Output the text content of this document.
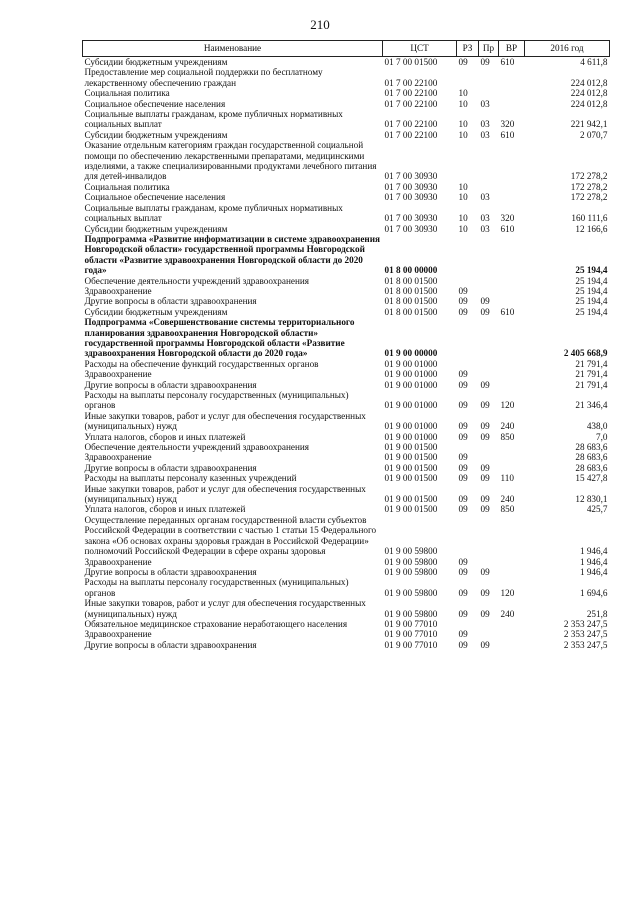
210
Наименование	ЦСТ	РЗ	Пр	ВР	2016 год
Субсидии бюджетным учреждениям	01 7 00 01500	09	09	610	4 611,8
Предоставление мер социальной поддержки по бесплатному лекарственному обеспечению граждан	01 7 00 22100				224 012,8
Социальная политика	01 7 00 22100	10			224 012,8
Социальное обеспечение населения	01 7 00 22100	10	03		224 012,8
Социальные выплаты гражданам, кроме публичных нормативных социальных выплат	01 7 00 22100	10	03	320	221 942,1
Субсидии бюджетным учреждениям	01 7 00 22100	10	03	610	2 070,7
Оказание отдельным категориям граждан государственной социальной помощи по обеспечению лекарственными препаратами, медицинскими изделиями, а также специализированными продуктами лечебного питания для детей-инвалидов	01 7 00 30930				172 278,2
Социальная политика	01 7 00 30930	10			172 278,2
Социальное обеспечение населения	01 7 00 30930	10	03		172 278,2
Социальные выплаты гражданам, кроме публичных нормативных социальных выплат	01 7 00 30930	10	03	320	160 111,6
Субсидии бюджетным учреждениям	01 7 00 30930	10	03	610	12 166,6
Подпрограмма «Развитие информатизации в системе здравоохранения Новгородской области» государственной программы Новгородской области «Развитие здравоохранения Новгородской области до 2020 года»	01 8 00 00000				25 194,4
Обеспечение деятельности учреждений здравоохранения	01 8 00 01500				25 194,4
Здравоохранение	01 8 00 01500	09			25 194,4
Другие вопросы в области здравоохранения	01 8 00 01500	09	09		25 194,4
Субсидии бюджетным учреждениям	01 8 00 01500	09	09	610	25 194,4
Подпрограмма «Совершенствование системы территориального планирования здравоохранения Новгородской области» государственной программы Новгородской области «Развитие здравоохранения Новгородской области до 2020 года»	01 9 00 00000				2 405 668,9
Расходы на обеспечение функций государственных органов	01 9 00 01000				21 791,4
Здравоохранение	01 9 00 01000	09			21 791,4
Другие вопросы в области здравоохранения	01 9 00 01000	09	09		21 791,4
Расходы на выплаты персоналу государственных (муниципальных) органов	01 9 00 01000	09	09	120	21 346,4
Иные закупки товаров, работ и услуг для обеспечения государственных (муниципальных) нужд	01 9 00 01000	09	09	240	438,0
Уплата налогов, сборов и иных платежей	01 9 00 01000	09	09	850	7,0
Обеспечение деятельности учреждений здравоохранения	01 9 00 01500				28 683,6
Здравоохранение	01 9 00 01500	09			28 683,6
Другие вопросы в области здравоохранения	01 9 00 01500	09	09		28 683,6
Расходы на выплаты персоналу казенных учреждений	01 9 00 01500	09	09	110	15 427,8
Иные закупки товаров, работ и услуг для обеспечения государственных (муниципальных) нужд	01 9 00 01500	09	09	240	12 830,1
Уплата налогов, сборов и иных платежей	01 9 00 01500	09	09	850	425,7
Осуществление переданных органам государственной власти субъектов Российской Федерации в соответствии с частью 1 статьи 15 Федерального закона «Об основах охраны здоровья граждан в Российской Федерации» полномочий Российской Федерации в сфере охраны здоровья	01 9 00 59800				1 946,4
Здравоохранение	01 9 00 59800	09			1 946,4
Другие вопросы в области здравоохранения	01 9 00 59800	09	09		1 946,4
Расходы на выплаты персоналу государственных (муниципальных) органов	01 9 00 59800	09	09	120	1 694,6
Иные закупки товаров, работ и услуг для обеспечения государственных (муниципальных) нужд	01 9 00 59800	09	09	240	251,8
Обязательное медицинское страхование неработающего населения	01 9 00 77010				2 353 247,5
Здравоохранение	01 9 00 77010	09			2 353 247,5
Другие вопросы в области здравоохранения	01 9 00 77010	09	09		2 353 247,5
